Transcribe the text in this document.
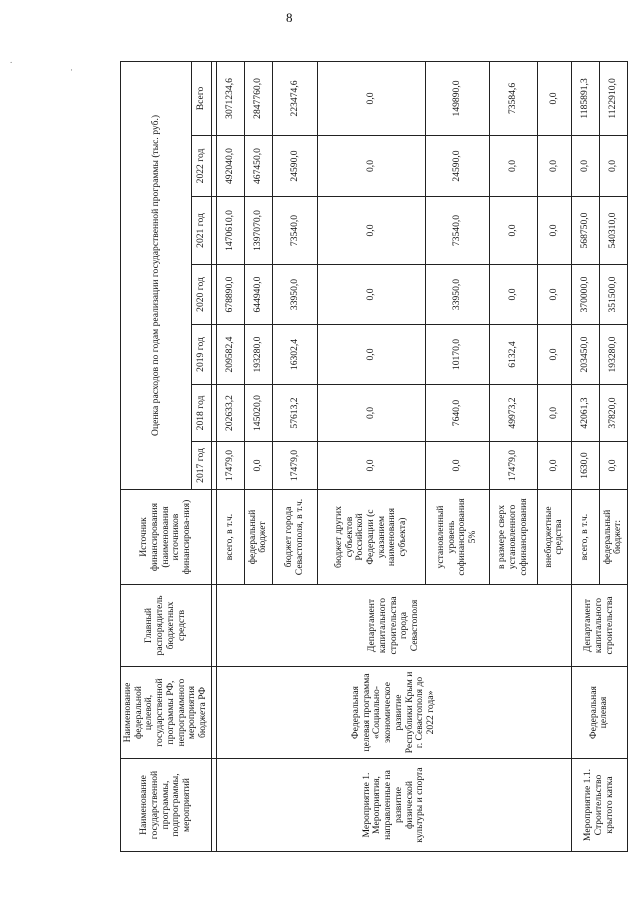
8
.
·
Наименование государственной программы, подпрограммы, мероприятий	Наименование федеральной целевой, государственной программы РФ, непрограммного мероприятия бюджета РФ	Главный распорядитель бюджетных средств	Источник финансирования (наименования источников финансирова-ния)	Оценка расходов по годам реализации государственной программы (тыс. руб.)						
				2017 год	2018 год	2019 год	2020 год	2021 год	2022 год	Всего

Мероприятие 1. Мероприятия, направленные на развитие физической культуры и спорта	Федеральная целевая программа «Социально-экономическое развитие Республики Крым и г. Севастополя до 2022 года»	Департамент капитального строительства города Севастополя	всего, в т.ч.	17479,0	202633,2	209582,4	678890,0	1470610,0	492040,0	3071234,6
			федеральный бюджет	0,0	145020,0	193280,0	644940,0	1397070,0	467450,0	2847760,0
			бюджет города Севастополя, в т.ч.	17479,0	57613,2	16302,4	33950,0	73540,0	24590,0	223474,6
			бюджет других субъектов Российской Федерации (с указанием наименования субъекта)	0,0	0,0	0,0	0,0	0,0	0,0	0,0
			установленный уровень софинансирования 5%	0,0	7640,0	10170,0	33950,0	73540,0	24590,0	149890,0
			в размере сверх установленного софинансирования	17479,0	49973,2	6132,4	0,0	0,0	0,0	73584,6
			внебюджетные средства	0,0	0,0	0,0	0,0	0,0	0,0	0,0
Мероприятие 1.1. Строительство крытого катка	Федеральная целевая	Департамент капитального строительства	всего, в т.ч.	1630,0	42061,3	203450,0	370000,0	568750,0	0,0	1185891,3
			федеральный бюджет:	0,0	37820,0	193280,0	351500,0	540310,0	0,0	1122910,0
